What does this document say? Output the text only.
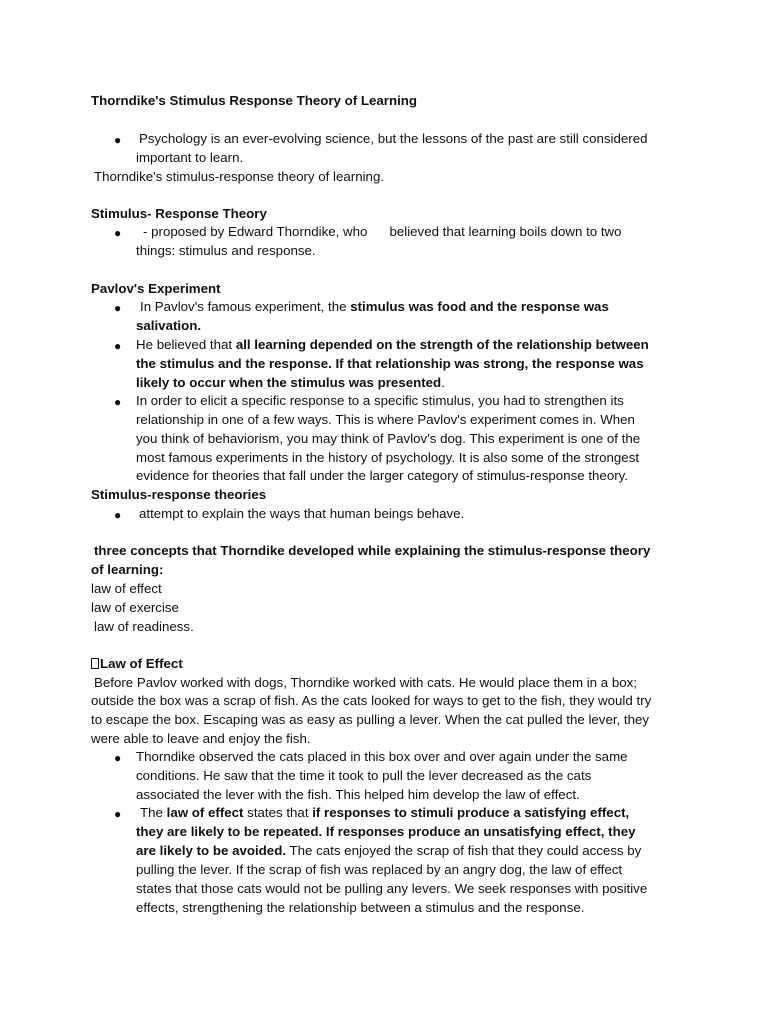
Thorndike's Stimulus Response Theory of Learning
● Psychology is an ever-evolving science, but the lessons of the past are still considered
important to learn.
Thorndike's stimulus-response theory of learning.
Stimulus- Response Theory
● - proposed by Edward Thorndike, who believed that learning boils down to two
things: stimulus and response.
Pavlov's Experiment
● In Pavlov's famous experiment, the stimulus was food and the response was
salivation.
● He believed that all learning depended on the strength of the relationship between
the stimulus and the response. If that relationship was strong, the response was
likely to occur when the stimulus was presented.
● In order to elicit a specific response to a specific stimulus, you had to strengthen its
relationship in one of a few ways. This is where Pavlov's experiment comes in. When
you think of behaviorism, you may think of Pavlov's dog. This experiment is one of the
most famous experiments in the history of psychology. It is also some of the strongest
evidence for theories that fall under the larger category of stimulus-response theory.
Stimulus-response theories
● attempt to explain the ways that human beings behave.
three concepts that Thorndike developed while explaining the stimulus-response theory
of learning:
law of effect
law of exercise
law of readiness.
Law of Effect
Before Pavlov worked with dogs, Thorndike worked with cats. He would place them in a box;
outside the box was a scrap of fish. As the cats looked for ways to get to the fish, they would try
to escape the box. Escaping was as easy as pulling a lever. When the cat pulled the lever, they
were able to leave and enjoy the fish.
● Thorndike observed the cats placed in this box over and over again under the same
conditions. He saw that the time it took to pull the lever decreased as the cats
associated the lever with the fish. This helped him develop the law of effect.
● The law of effect states that if responses to stimuli produce a satisfying effect,
they are likely to be repeated. If responses produce an unsatisfying effect, they
are likely to be avoided. The cats enjoyed the scrap of fish that they could access by
pulling the lever. If the scrap of fish was replaced by an angry dog, the law of effect
states that those cats would not be pulling any levers. We seek responses with positive
effects, strengthening the relationship between a stimulus and the response.
